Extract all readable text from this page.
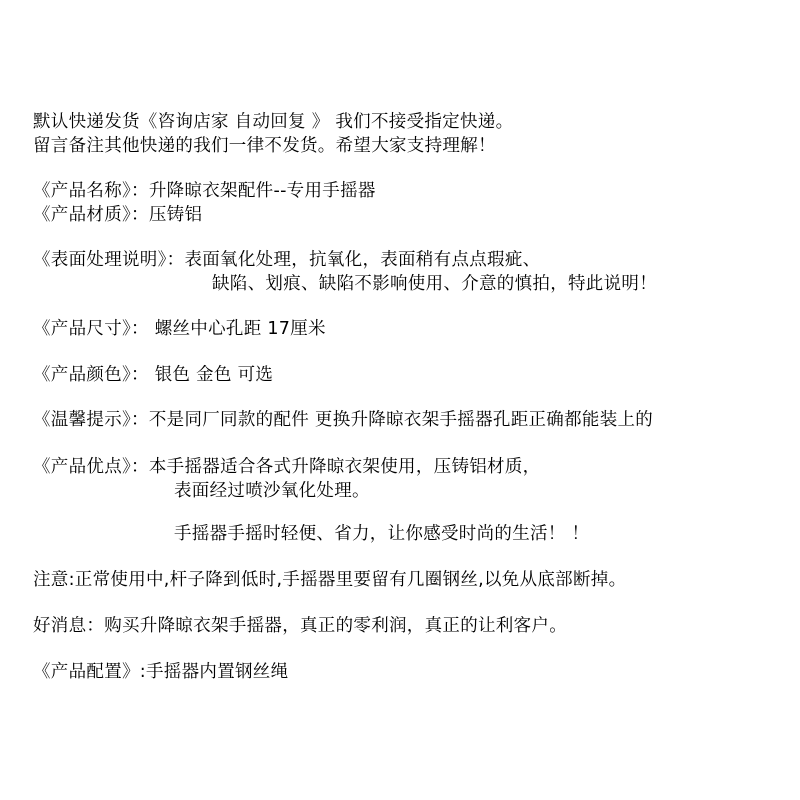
默认快递发货《咨询店家 自动回复 》 我们不接受指定快递。
留言备注其他快递的我们一律不发货。希望大家支持理解！
《产品名称》：升降晾衣架配件--专用手摇器
《产品材质》：压铸铝
《表面处理说明》：表面氧化处理，抗氧化，表面稍有点点瑕疵、
缺陷、划痕、缺陷不影响使用、介意的慎拍，特此说明！
《产品尺寸》： 螺丝中心孔距 17厘米
《产品颜色》： 银色 金色 可选
《温馨提示》：不是同厂同款的配件 更换升降晾衣架手摇器孔距正确都能装上的
《产品优点》：本手摇器适合各式升降晾衣架使用，压铸铝材质，
表面经过喷沙氧化处理。
手摇器手摇时轻便、省力，让你感受时尚的生活！ ！
注意:正常使用中,杆子降到低时,手摇器里要留有几圈钢丝,以免从底部断掉。
好消息：购买升降晾衣架手摇器，真正的零利润，真正的让利客户。
《产品配置》:手摇器内置钢丝绳
